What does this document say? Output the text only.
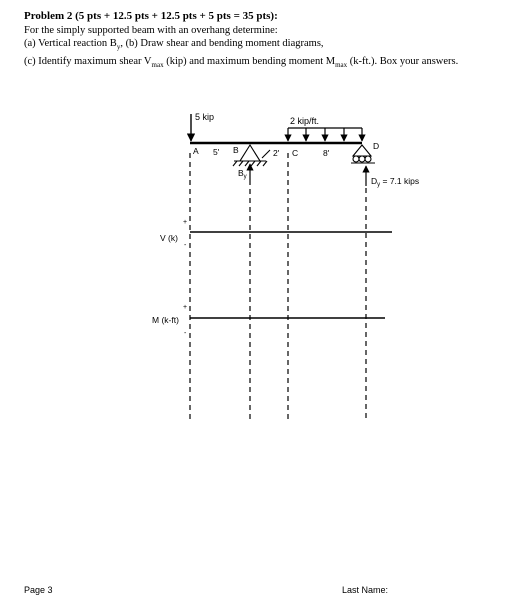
Problem 2 (5 pts + 12.5 pts + 12.5 pts + 5 pts = 35 pts):

For the simply supported beam with an overhang determine:

(a) Vertical reaction $B_y$, (b) Draw shear and bending moment diagrams,

(c) Identify maximum shear $V_{max}$ (kip) and maximum bending moment $M_{max}$ (k-ft.). Box your answers.

5 kip	2 kip/ft.
A	B	C
D
5'	2'	8'
$B_y$	$D_y = 7.1$ kips
V (k)
+
-
M (k-ft)
+
-
Page 3	Last Name:
